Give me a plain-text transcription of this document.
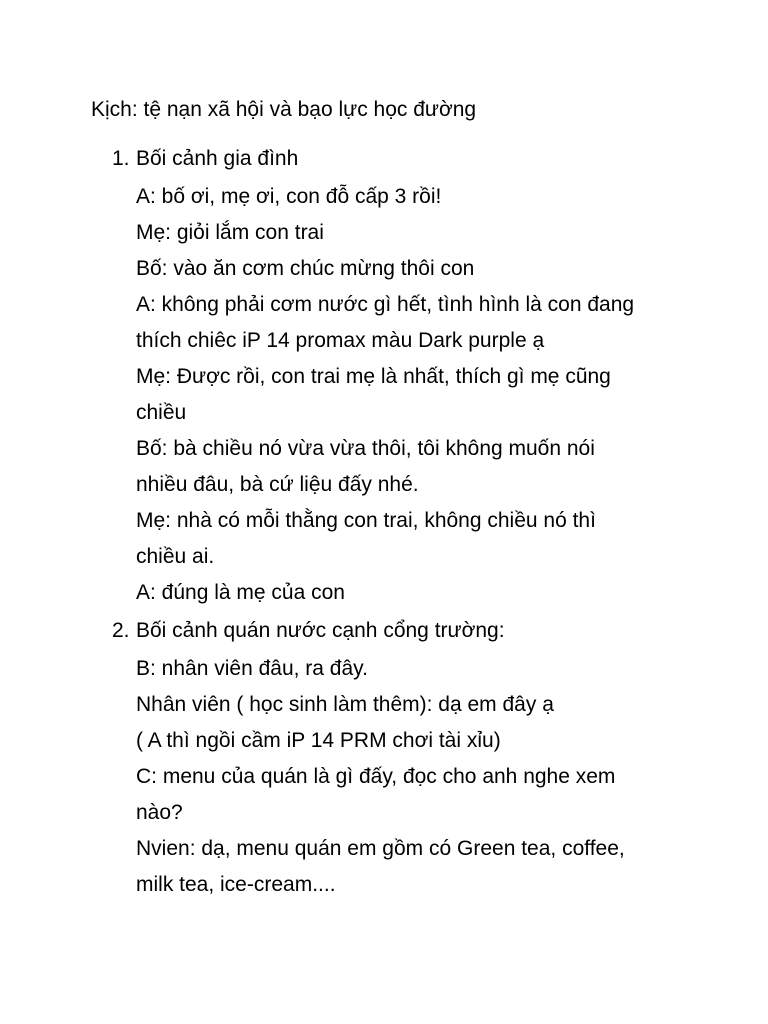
Kịch: tệ nạn xã hội và bạo lực học đường
1. Bối cảnh gia đình
A: bố ơi, mẹ ơi, con đỗ cấp 3 rồi!
Mẹ: giỏi lắm con trai
Bố: vào ăn cơm chúc mừng thôi con
A: không phải cơm nước gì hết, tình hình là con đang
thích chiêc iP 14 promax màu Dark purple ạ
Mẹ: Được rồi, con trai mẹ là nhất, thích gì mẹ cũng
chiều
Bố: bà chiều nó vừa vừa thôi, tôi không muốn nói
nhiều đâu, bà cứ liệu đấy nhé.
Mẹ: nhà có mỗi thằng con trai, không chiều nó thì
chiều ai.
A: đúng là mẹ của con
2. Bối cảnh quán nước cạnh cổng trường:
B: nhân viên đâu, ra đây.
Nhân viên ( học sinh làm thêm): dạ em đây ạ
( A thì ngồi cầm iP 14 PRM chơi tài xỉu)
C: menu của quán là gì đấy, đọc cho anh nghe xem
nào?
Nvien: dạ, menu quán em gồm có Green tea, coffee,
milk tea, ice-cream....
